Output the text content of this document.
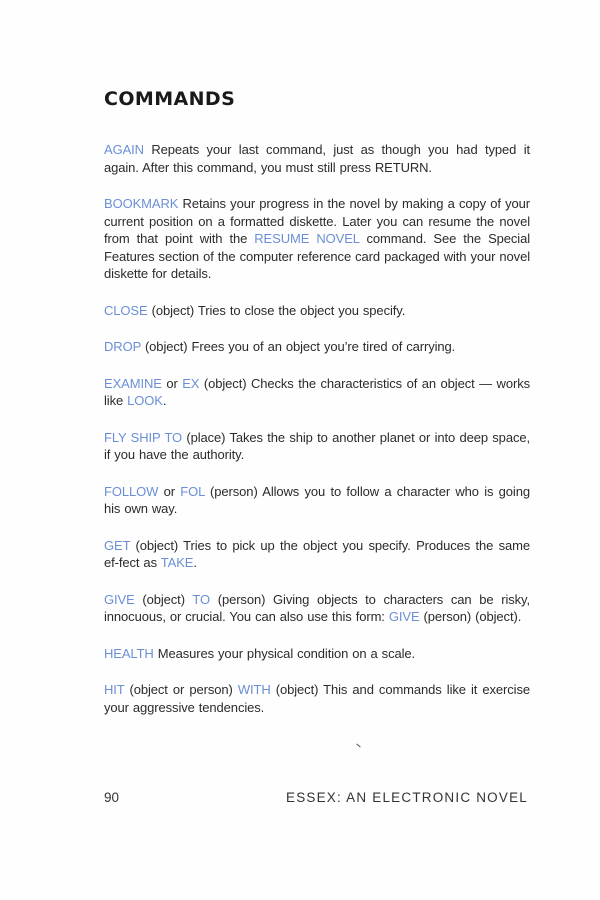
COMMANDS

AGAIN Repeats your last command, just as though you had typed it again. After this command, you must still press RETURN.

BOOKMARK Retains your progress in the novel by making a copy of your current position on a formatted diskette. Later you can resume the novel from that point with the RESUME NOVEL command. See the Special Features section of the computer reference card packaged with your novel diskette for details.

CLOSE (object) Tries to close the object you specify.

DROP (object) Frees you of an object you’re tired of carrying.

EXAMINE or EX (object) Checks the characteristics of an object — works like LOOK.

FLY SHIP TO (place) Takes the ship to another planet or into deep space, if you have the authority.

FOLLOW or FOL (person) Allows you to follow a character who is going his own way.

GET (object) Tries to pick up the object you specify. Produces the same ef-fect as TAKE.

GIVE (object) TO (person) Giving objects to characters can be risky, innocuous, or crucial. You can also use this form: GIVE (person) (object).

HEALTH Measures your physical condition on a scale.

HIT (object or person) WITH (object) This and commands like it exercise your aggressive tendencies.

90	ESSEX: AN ELECTRONIC NOVEL
